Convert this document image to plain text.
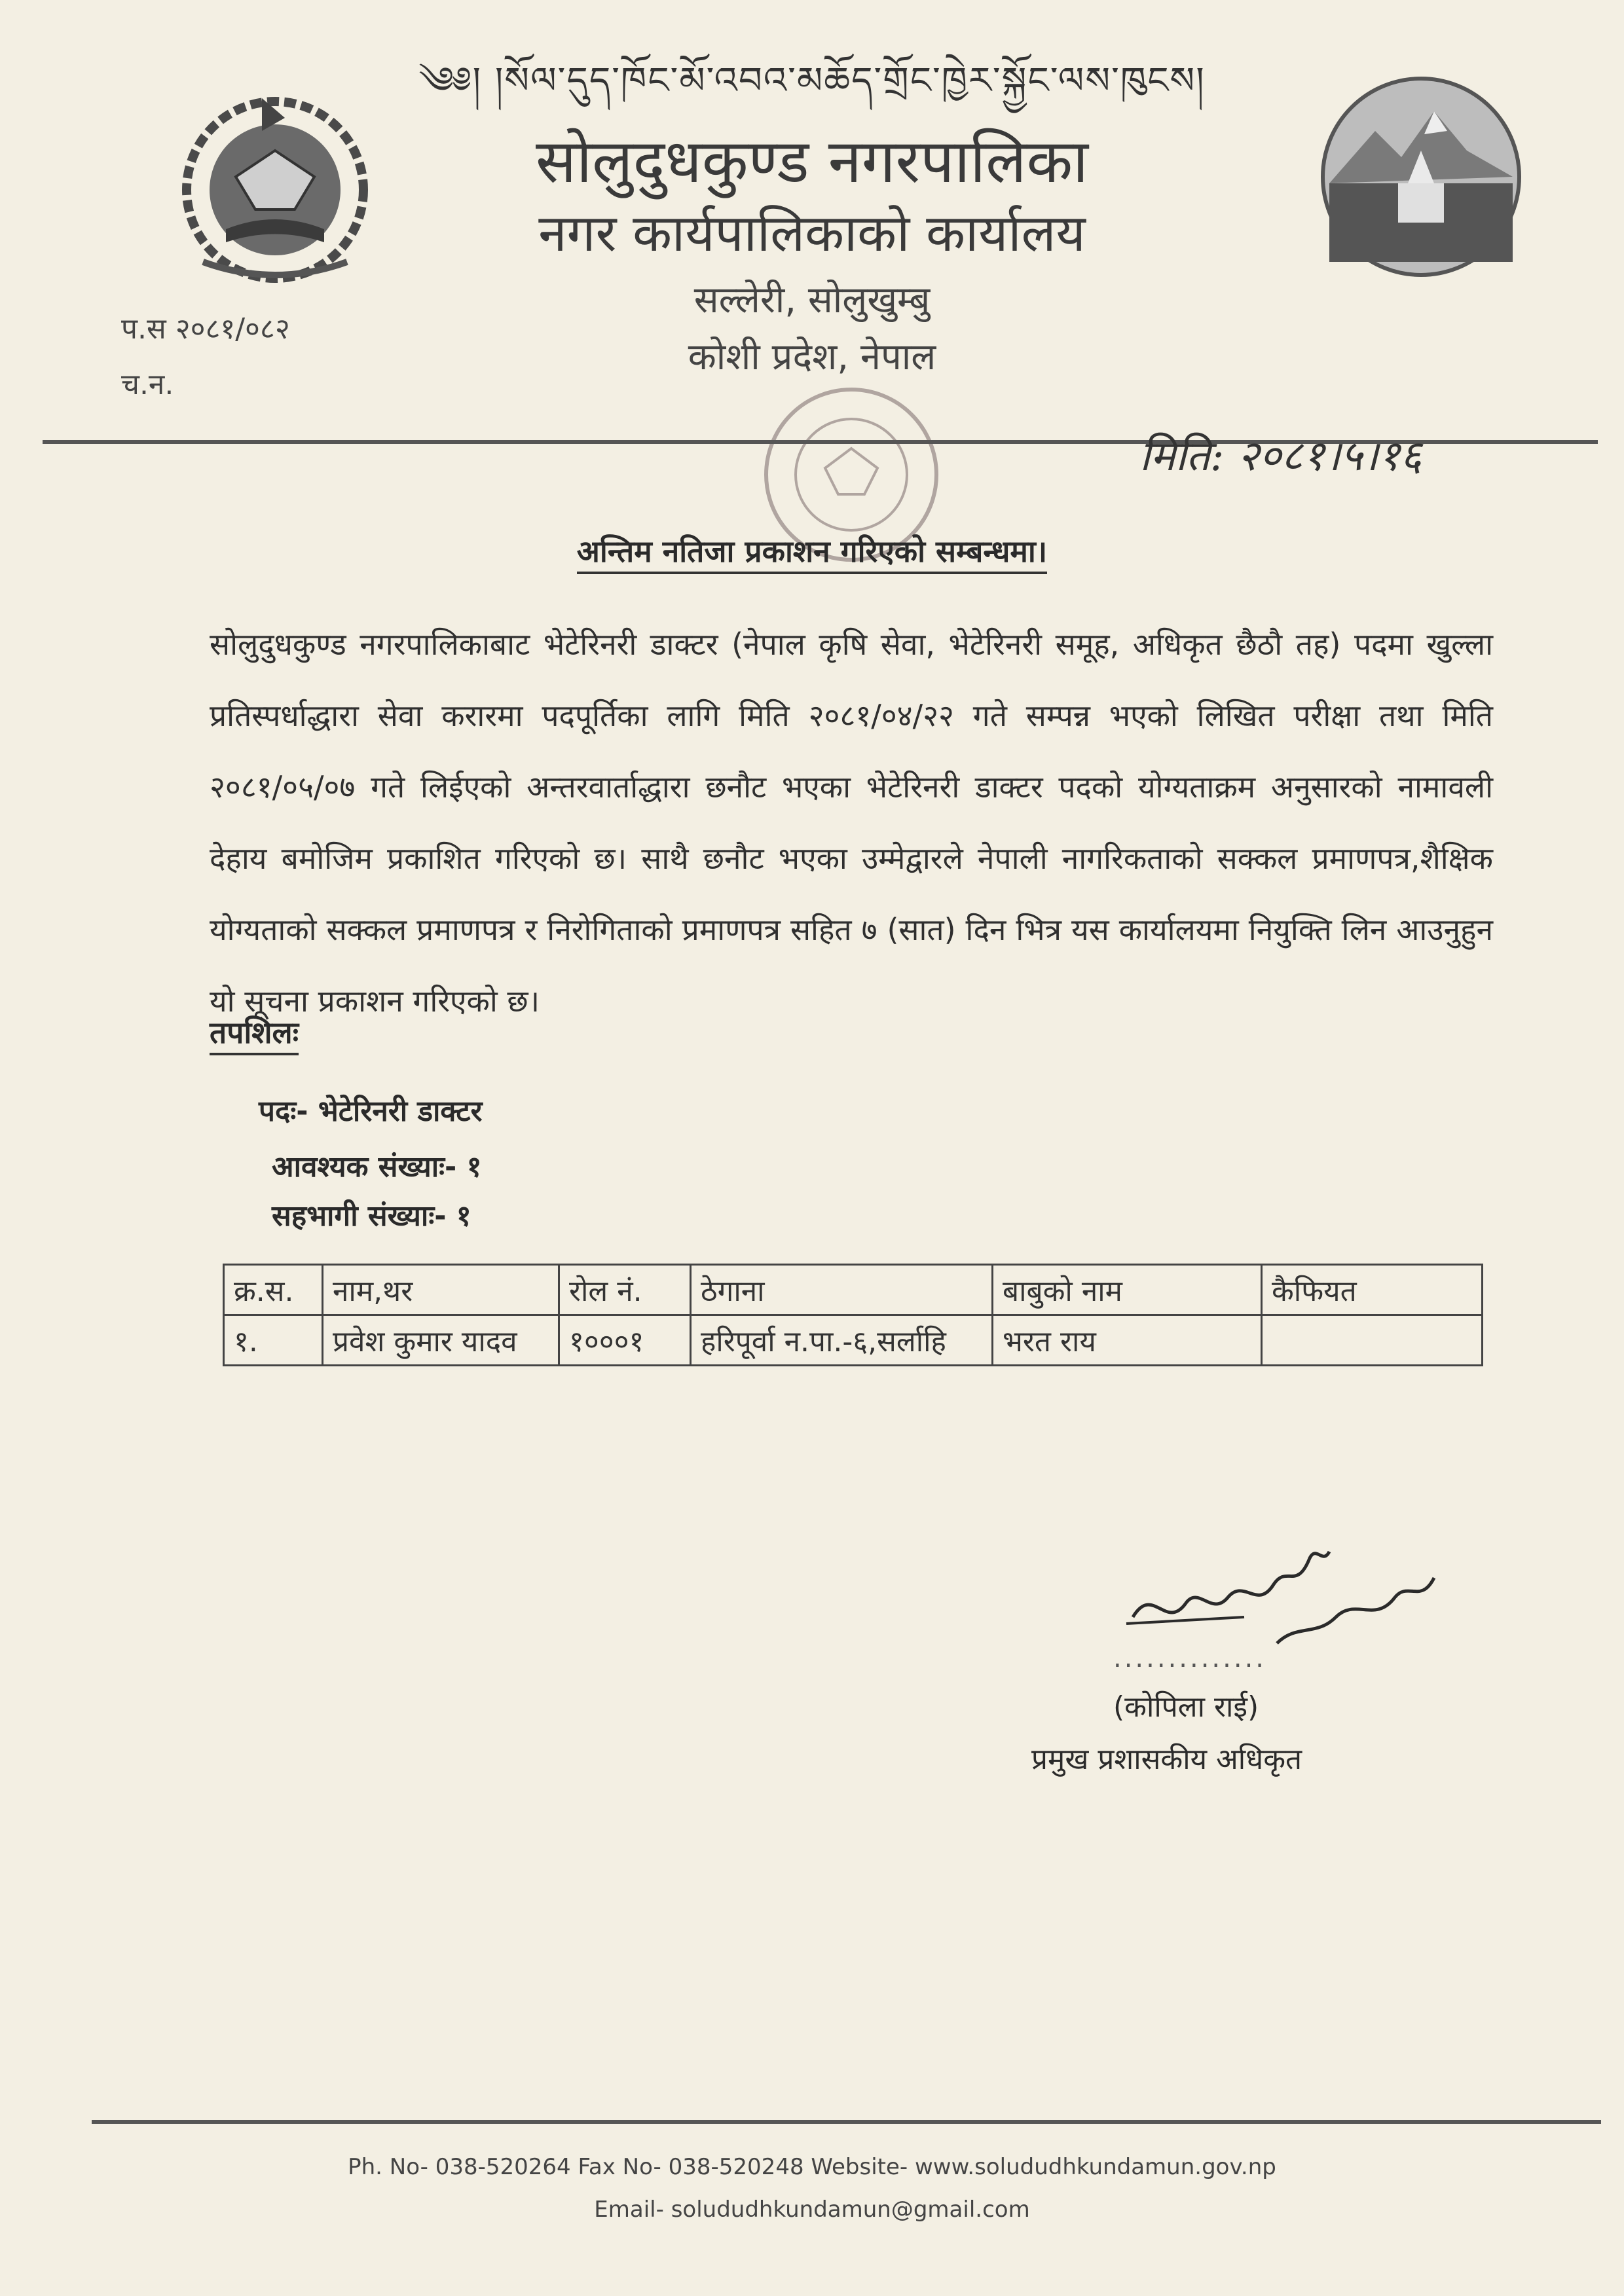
༄༅། །སོལ་དུད་ཁོང་མོ་འབའ་མཆོད་གྲོང་ཁྱེར་སྐྱོང་ལས་ཁུངས།
सोलुदुधकुण्ड नगरपालिका
नगर कार्यपालिकाको कार्यालय
सल्लेरी, सोलुखुम्बु
कोशी प्रदेश, नेपाल
प.स २०८१/०८२
च.न.
मिति: २०८१।५।१६
अन्तिम नतिजा प्रकाशन गरिएको सम्बन्धमा।
सोलुदुधकुण्ड नगरपालिकाबाट भेटेरिनरी डाक्टर (नेपाल कृषि सेवा, भेटेरिनरी समूह, अधिकृत छैठौ तह) पदमा खुल्ला प्रतिस्पर्धाद्धारा सेवा करारमा पदपूर्तिका लागि मिति २०८१/०४/२२ गते सम्पन्न भएको लिखित परीक्षा तथा मिति २०८१/०५/०७ गते लिईएको अन्तरवार्ताद्धारा छनौट भएका भेटेरिनरी डाक्टर पदको योग्यताक्रम अनुसारको नामावली देहाय बमोजिम प्रकाशित गरिएको छ। साथै छनौट भएका उम्मेद्वारले नेपाली नागरिकताको सक्कल प्रमाणपत्र,शैक्षिक योग्यताको सक्कल प्रमाणपत्र र निरोगिताको प्रमाणपत्र सहित ७ (सात) दिन भित्र यस कार्यालयमा नियुक्ति लिन आउनुहुन यो सूचना प्रकाशन गरिएको छ।
तपशिलः
पदः- भेटेरिनरी डाक्टर
आवश्यक संख्याः- १
सहभागी संख्याः- १
क्र.स.	नाम,थर	रोल नं.	ठेगाना	बाबुको नाम	कैफियत
१.	प्रवेश कुमार यादव	१०००१	हरिपूर्वा न.पा.-६,सर्लाहि	भरत राय	
..............
(कोपिला राई)
प्रमुख प्रशासकीय अधिकृत
Ph. No- 038-520264 Fax No- 038-520248 Website- www.solududhkundamun.gov.np
Email- solududhkundamun@gmail.com
